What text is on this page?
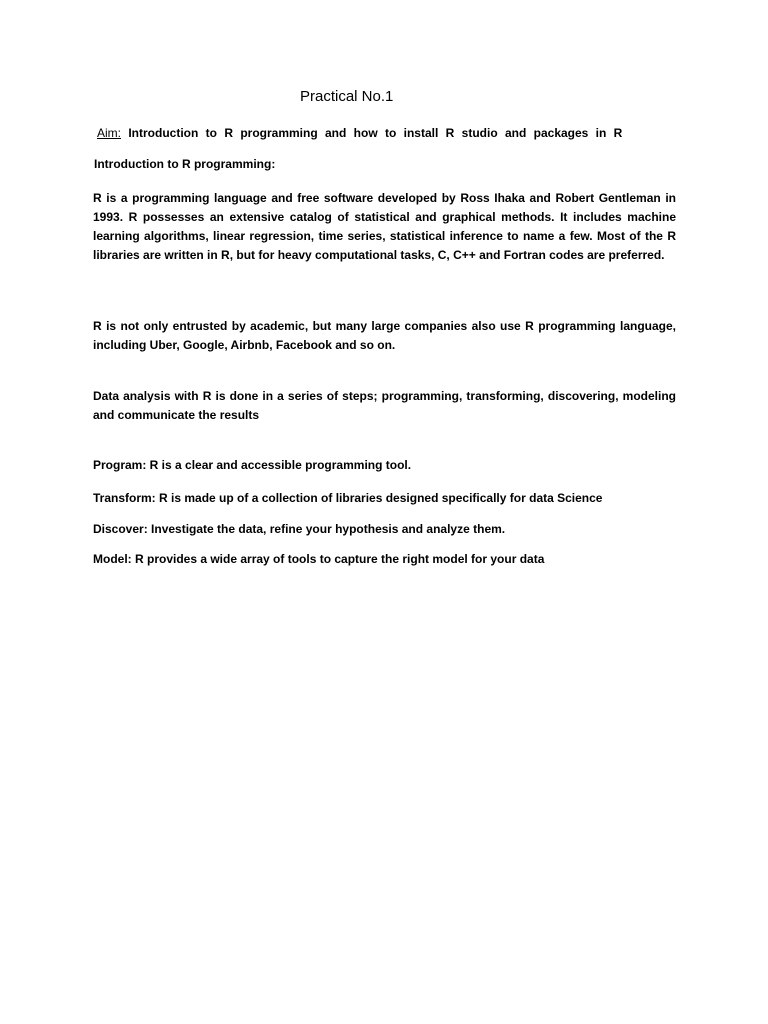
Practical No.1
Aim: Introduction to R programming and how to install R studio and packages in R
Introduction to R programming:
R is a programming language and free software developed by Ross Ihaka and Robert Gentleman in 1993. R possesses an extensive catalog of statistical and graphical methods. It includes machine learning algorithms, linear regression, time series, statistical inference to name a few. Most of the R libraries are written in R, but for heavy computational tasks, C, C++ and Fortran codes are preferred.
R is not only entrusted by academic, but many large companies also use R programming language, including Uber, Google, Airbnb, Facebook and so on.
Data analysis with R is done in a series of steps; programming, transforming, discovering, modeling and communicate the results
Program: R is a clear and accessible programming tool.
Transform: R is made up of a collection of libraries designed specifically for data Science
Discover: Investigate the data, refine your hypothesis and analyze them.
Model: R provides a wide array of tools to capture the right model for your data
